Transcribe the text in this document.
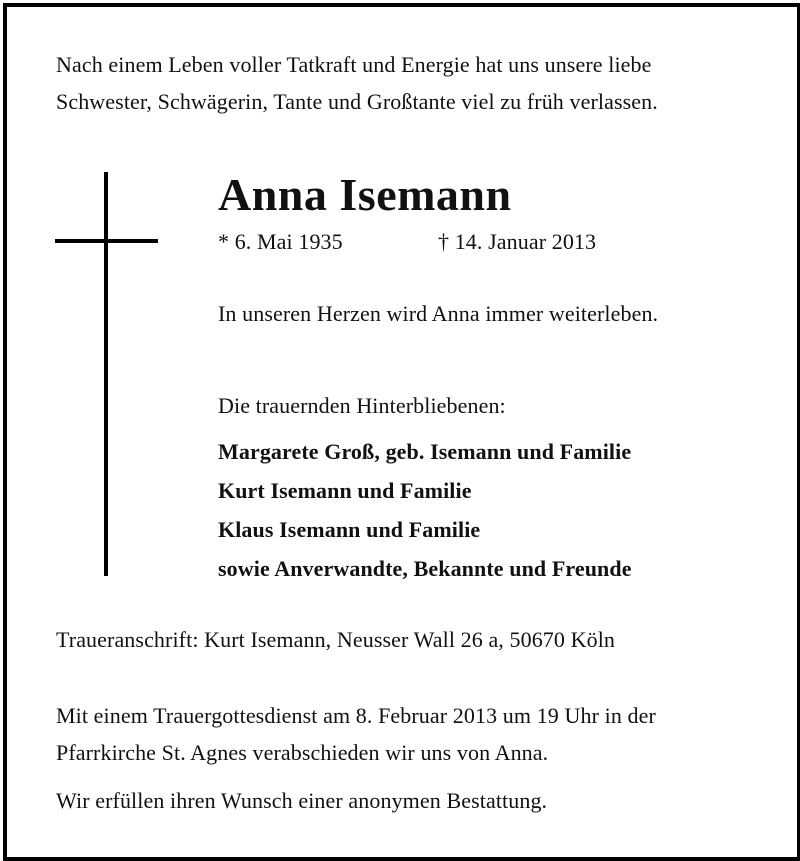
Nach einem Leben voller Tatkraft und Energie hat uns unsere liebe
Schwester, Schwägerin, Tante und Großtante viel zu früh verlassen.
Anna Isemann
* 6. Mai 1935	† 14. Januar 2013
In unseren Herzen wird Anna immer weiterleben.
Die trauernden Hinterbliebenen:
Margarete Groß, geb. Isemann und Familie
Kurt Isemann und Familie
Klaus Isemann und Familie
sowie Anverwandte, Bekannte und Freunde
Traueranschrift: Kurt Isemann, Neusser Wall 26 a, 50670 Köln
Mit einem Trauergottesdienst am 8. Februar 2013 um 19 Uhr in der
Pfarrkirche St. Agnes verabschieden wir uns von Anna.
Wir erfüllen ihren Wunsch einer anonymen Bestattung.
